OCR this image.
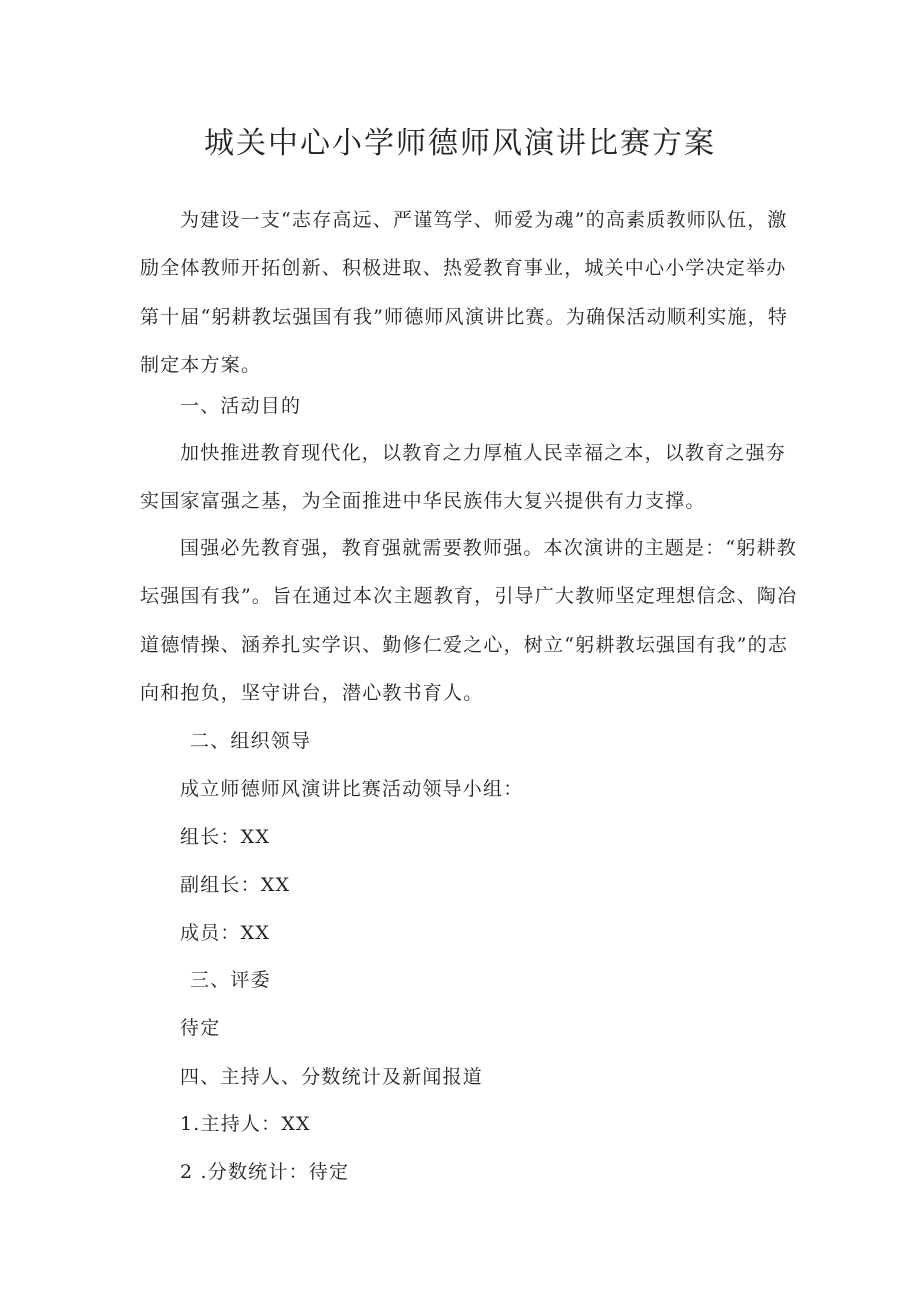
城关中心小学师德师风演讲比赛方案

为建设一支“志存高远、严谨笃学、师爱为魂”的高素质教师队伍，激励全体教师开拓创新、积极进取、热爱教育事业，城关中心小学决定举办第十届“躬耕教坛强国有我”师德师风演讲比赛。为确保活动顺利实施，特制定本方案。

一、活动目的

加快推进教育现代化，以教育之力厚植人民幸福之本，以教育之强夯实国家富强之基，为全面推进中华民族伟大复兴提供有力支撑。

国强必先教育强，教育强就需要教师强。本次演讲的主题是：“躬耕教坛强国有我”。旨在通过本次主题教育，引导广大教师坚定理想信念、陶冶道德情操、涵养扎实学识、勤修仁爱之心，树立“躬耕教坛强国有我”的志向和抱负，坚守讲台，潜心教书育人。

二、组织领导
成立师德师风演讲比赛活动领导小组：
组长：XX
副组长：XX
成员：XX
三、评委
待定
四、主持人、分数统计及新闻报道
1.主持人：XX
2 .分数统计：待定
